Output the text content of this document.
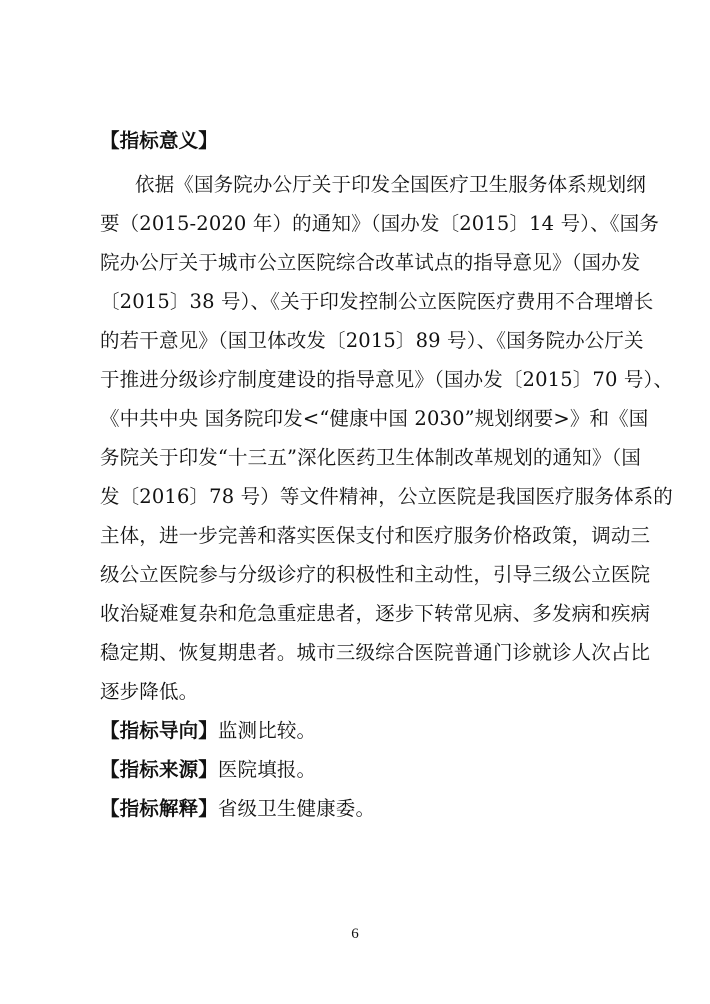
【指标意义】
依据《国务院办公厅关于印发全国医疗卫生服务体系规划纲
要（2015-2020 年）的通知》（国办发〔2015〕14 号）、《国务
院办公厅关于城市公立医院综合改革试点的指导意见》（国办发
〔2015〕38 号）、《关于印发控制公立医院医疗费用不合理增长
的若干意见》（国卫体改发〔2015〕89 号）、《国务院办公厅关
于推进分级诊疗制度建设的指导意见》（国办发〔2015〕70 号）、
《中共中央 国务院印发<“健康中国 2030”规划纲要>》和《国
务院关于印发“十三五”深化医药卫生体制改革规划的通知》（国
发〔2016〕78 号）等文件精神，公立医院是我国医疗服务体系的
主体，进一步完善和落实医保支付和医疗服务价格政策，调动三
级公立医院参与分级诊疗的积极性和主动性，引导三级公立医院
收治疑难复杂和危急重症患者，逐步下转常见病、多发病和疾病
稳定期、恢复期患者。城市三级综合医院普通门诊就诊人次占比
逐步降低。
【指标导向】监测比较。
【指标来源】医院填报。
【指标解释】省级卫生健康委。
6
